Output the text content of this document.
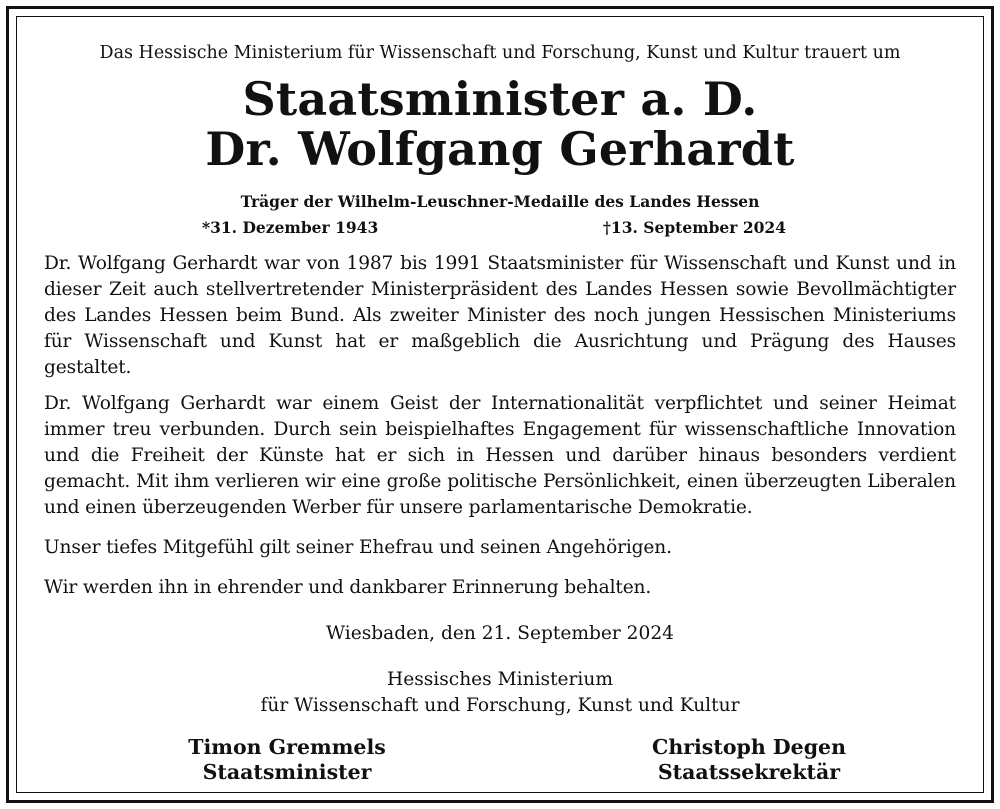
Das Hessische Ministerium für Wissenschaft und Forschung, Kunst und Kultur trauert um

Staatsminister a. D.
Dr. Wolfgang Gerhardt

Träger der Wilhelm-Leuschner-Medaille des Landes Hessen

*31. Dezember 1943	†13. September 2024

Dr. Wolfgang Gerhardt war von 1987 bis 1991 Staatsminister für Wissenschaft und Kunst und in dieser Zeit auch stellvertretender Ministerpräsident des Landes Hessen sowie Bevollmächtigter des Landes Hessen beim Bund. Als zweiter Minister des noch jungen Hessischen Ministeriums für Wissenschaft und Kunst hat er maßgeblich die Ausrichtung und Prägung des Hauses gestaltet.

Dr. Wolfgang Gerhardt war einem Geist der Internationalität verpflichtet und seiner Heimat immer treu verbunden. Durch sein beispielhaftes Engagement für wissenschaftliche Innovation und die Freiheit der Künste hat er sich in Hessen und darüber hinaus besonders verdient gemacht. Mit ihm verlieren wir eine große politische Persönlichkeit, einen überzeugten Liberalen und einen überzeugenden Werber für unsere parlamentarische Demokratie.

Unser tiefes Mitgefühl gilt seiner Ehefrau und seinen Angehörigen.

Wir werden ihn in ehrender und dankbarer Erinnerung behalten.

Wiesbaden, den 21. September 2024

Hessisches Ministerium
für Wissenschaft und Forschung, Kunst und Kultur
Timon Gremmels
Staatsminister
Christoph Degen
Staatssekrektär
